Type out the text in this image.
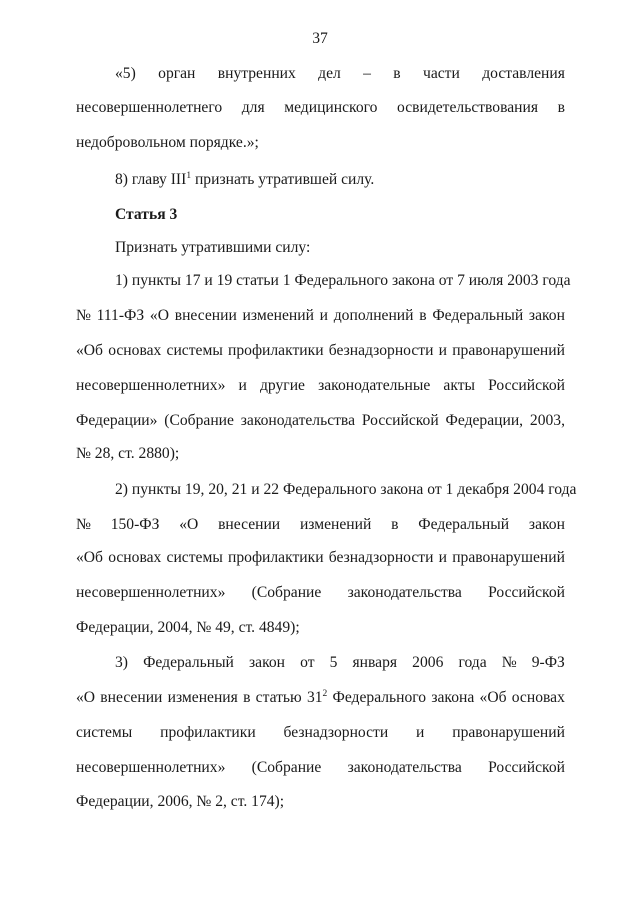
37
«5) орган внутренних дел – в части доставления
несовершеннолетнего для медицинского освидетельствования в
недобровольном порядке.»;
8) главу III$^1$ признать утратившей силу.
Статья 3
Признать утратившими силу:
1) пункты 17 и 19 статьи 1 Федерального закона от 7 июля 2003 года
№ 111-ФЗ «О внесении изменений и дополнений в Федеральный закон
«Об основах системы профилактики безнадзорности и правонарушений
несовершеннолетних» и другие законодательные акты Российской
Федерации» (Собрание законодательства Российской Федерации, 2003,
№ 28, ст. 2880);
2) пункты 19, 20, 21 и 22 Федерального закона от 1 декабря 2004 года
№ 150-ФЗ «О внесении изменений в Федеральный закон
«Об основах системы профилактики безнадзорности и правонарушений
несовершеннолетних» (Собрание законодательства Российской
Федерации, 2004, № 49, ст. 4849);
3) Федеральный закон от 5 января 2006 года № 9-ФЗ
«О внесении изменения в статью $31^2$ Федерального закона «Об основах
системы профилактики безнадзорности и правонарушений
несовершеннолетних» (Собрание законодательства Российской
Федерации, 2006, № 2, ст. 174);
